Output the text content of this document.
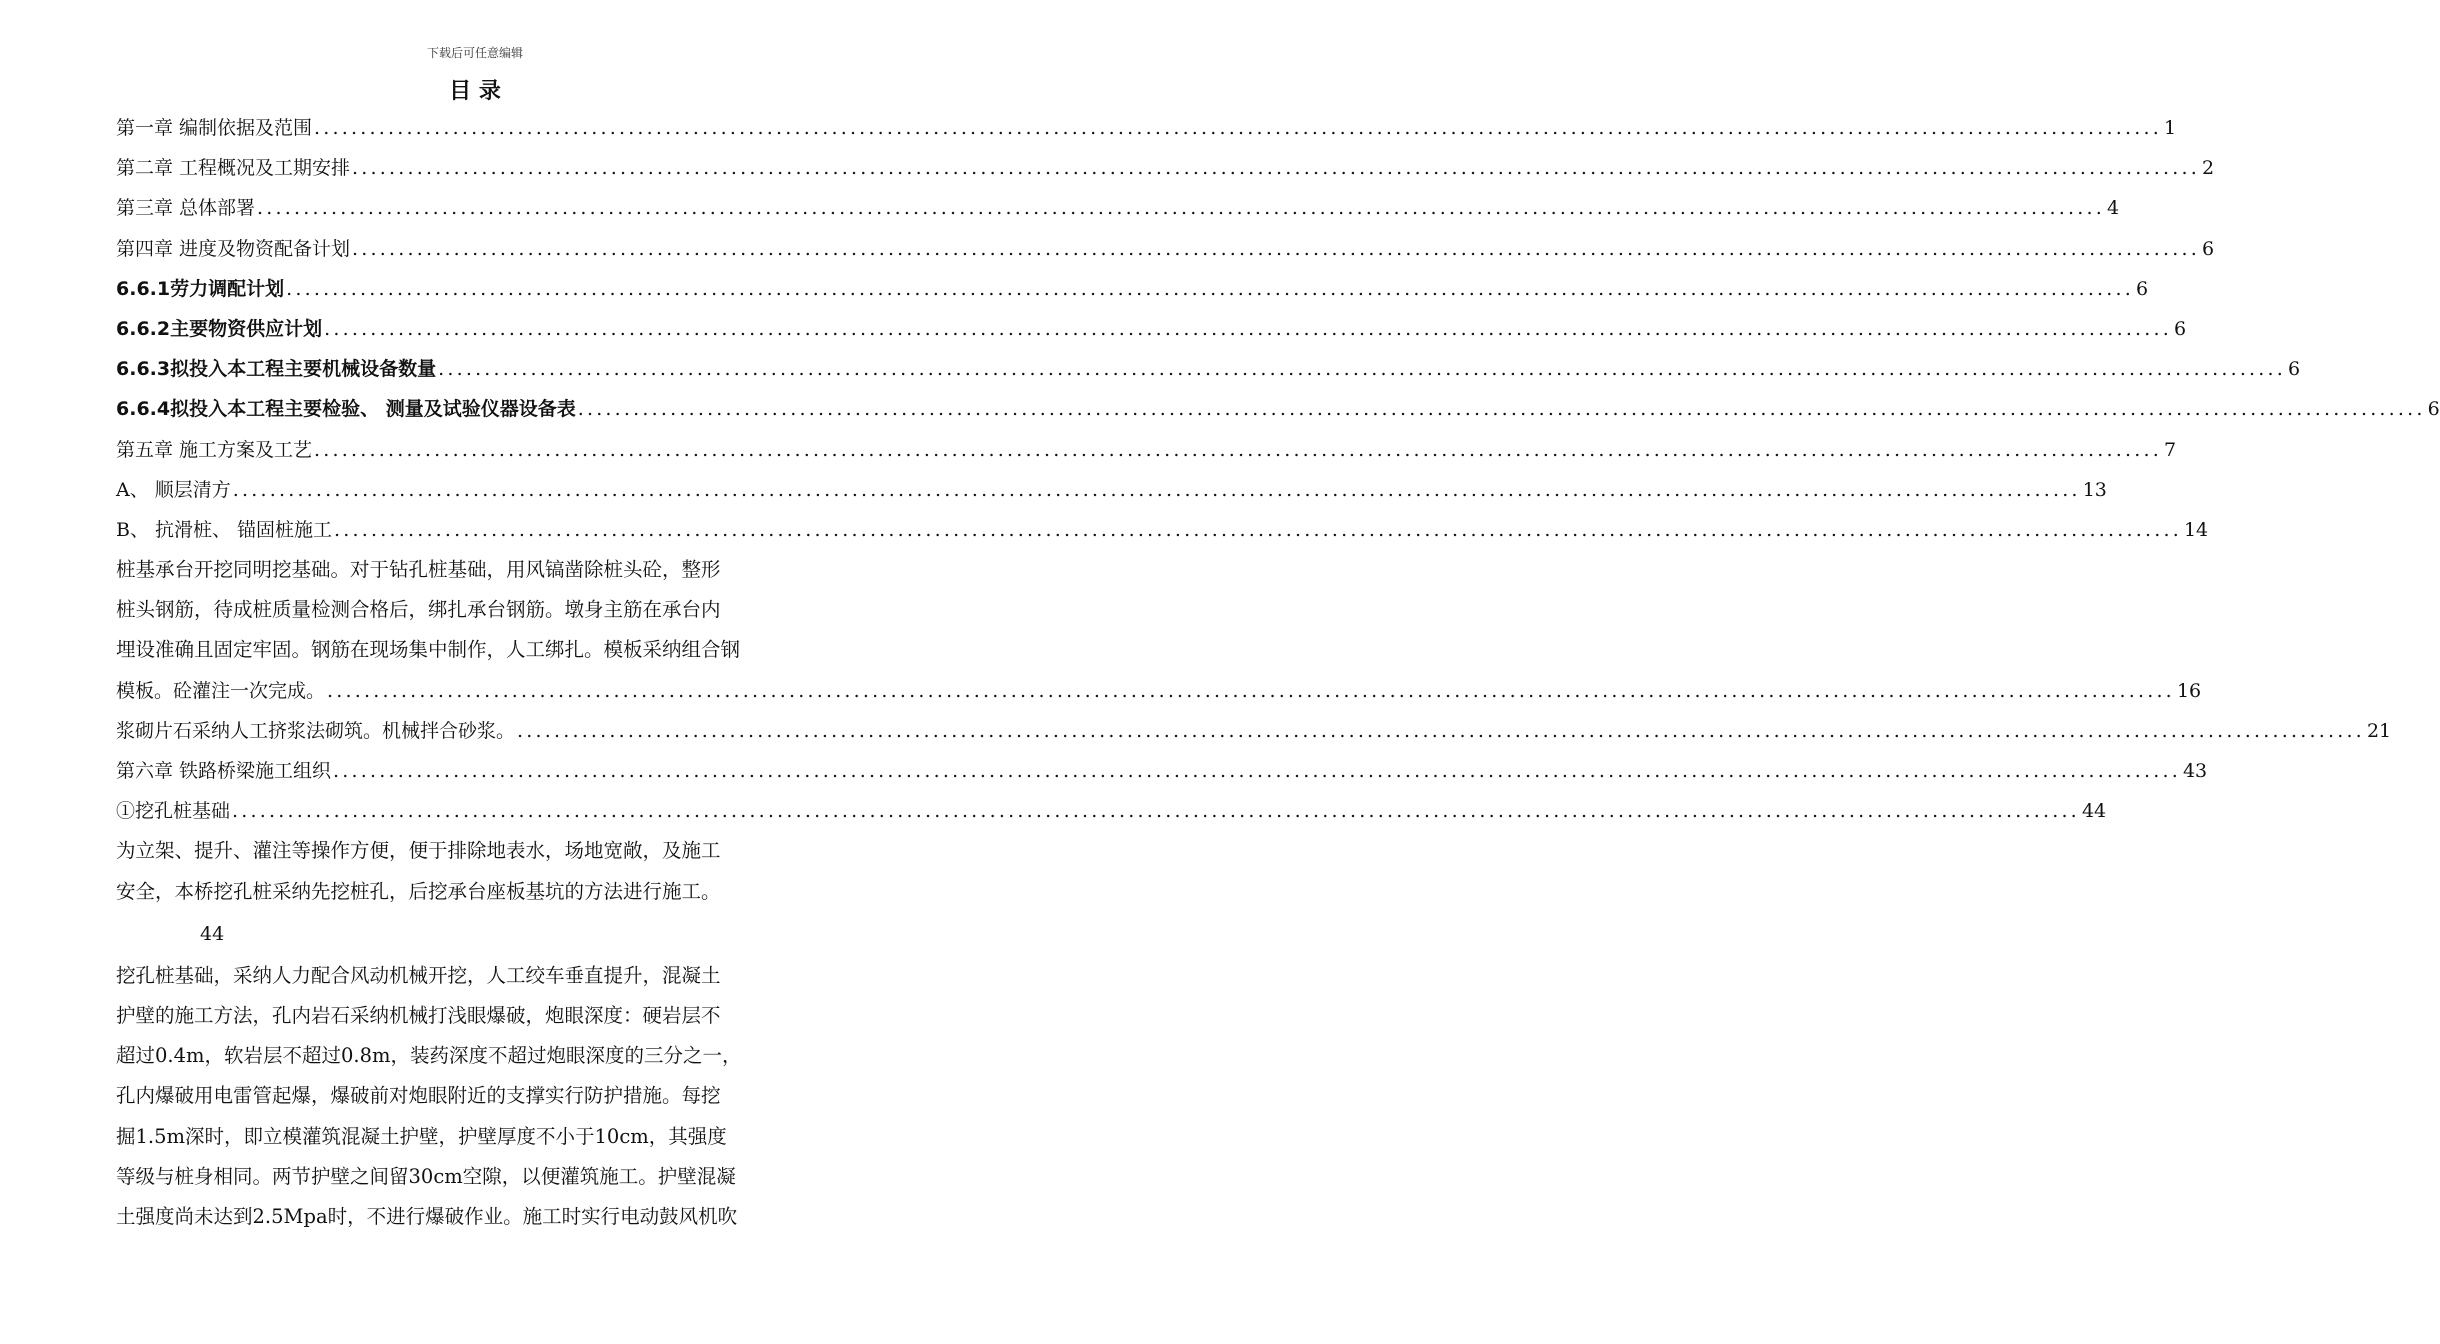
下载后可任意编辑
目 录
第一章 编制依据及范围 ........................................................................................................................................................................................................ 1
第二章 工程概况及工期安排 ........................................................................................................................................................................................................ 2
第三章 总体部署 ........................................................................................................................................................................................................ 4
第四章 进度及物资配备计划 ........................................................................................................................................................................................................ 6
6.6.1劳力调配计划 ........................................................................................................................................................................................................ 6
6.6.2主要物资供应计划 ........................................................................................................................................................................................................ 6
6.6.3拟投入本工程主要机械设备数量 ........................................................................................................................................................................................................ 6
6.6.4拟投入本工程主要检验、 测量及试验仪器设备表 ........................................................................................................................................................................................................ 6
第五章 施工方案及工艺 ........................................................................................................................................................................................................ 7
A、 顺层清方 ........................................................................................................................................................................................................ 13
B、 抗滑桩、 锚固桩施工 ........................................................................................................................................................................................................ 14
桩基承台开挖同明挖基础。对于钻孔桩基础，用风镐凿除桩头砼，整形
桩头钢筋，待成桩质量检测合格后，绑扎承台钢筋。墩身主筋在承台内
埋设准确且固定牢固。钢筋在现场集中制作，人工绑扎。模板采纳组合钢
模板。砼灌注一次完成。 ........................................................................................................................................................................................................ 16
浆砌片石采纳人工挤浆法砌筑。机械拌合砂浆。 ........................................................................................................................................................................................................ 21
第六章 铁路桥梁施工组织 ........................................................................................................................................................................................................ 43
①挖孔桩基础 ........................................................................................................................................................................................................ 44
为立架、提升、灌注等操作方便，便于排除地表水，场地宽敞，及施工
安全，本桥挖孔桩采纳先挖桩孔，后挖承台座板基坑的方法进行施工。
44
挖孔桩基础，采纳人力配合风动机械开挖，人工绞车垂直提升，混凝土
护壁的施工方法，孔内岩石采纳机械打浅眼爆破，炮眼深度：硬岩层不
超过0.4m，软岩层不超过0.8m，装药深度不超过炮眼深度的三分之一，
孔内爆破用电雷管起爆，爆破前对炮眼附近的支撑实行防护措施。每挖
掘1.5m深时，即立模灌筑混凝土护壁，护壁厚度不小于10cm，其强度
等级与桩身相同。两节护壁之间留30cm空隙，以便灌筑施工。护壁混凝
土强度尚未达到2.5Mpa时，不进行爆破作业。施工时实行电动鼓风机吹
